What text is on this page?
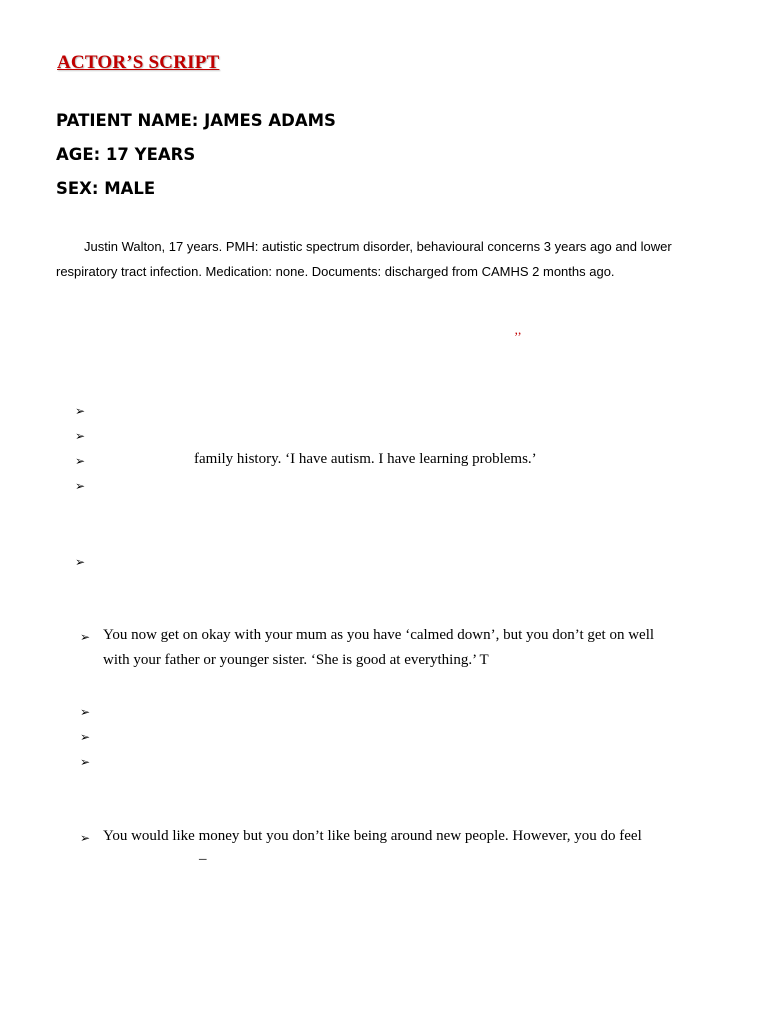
ACTOR’S SCRIPT
PATIENT NAME: JAMES ADAMS
AGE: 17 YEARS
SEX: MALE
Justin Walton, 17 years. PMH: autistic spectrum disorder, behavioural concerns 3 years ago and lower
respiratory tract infection. Medication: none. Documents: discharged from CAMHS 2 months ago.
’’
➢
➢
➢	family history. ‘I have autism. I have learning problems.’
➢
➢
➢ You now get on okay with your mum as you have ‘calmed down’, but you don’t get on well
with your father or younger sister. ‘She is good at everything.’ T
➢
➢
➢
➢ You would like money but you don’t like being around new people. However, you do feel
–
